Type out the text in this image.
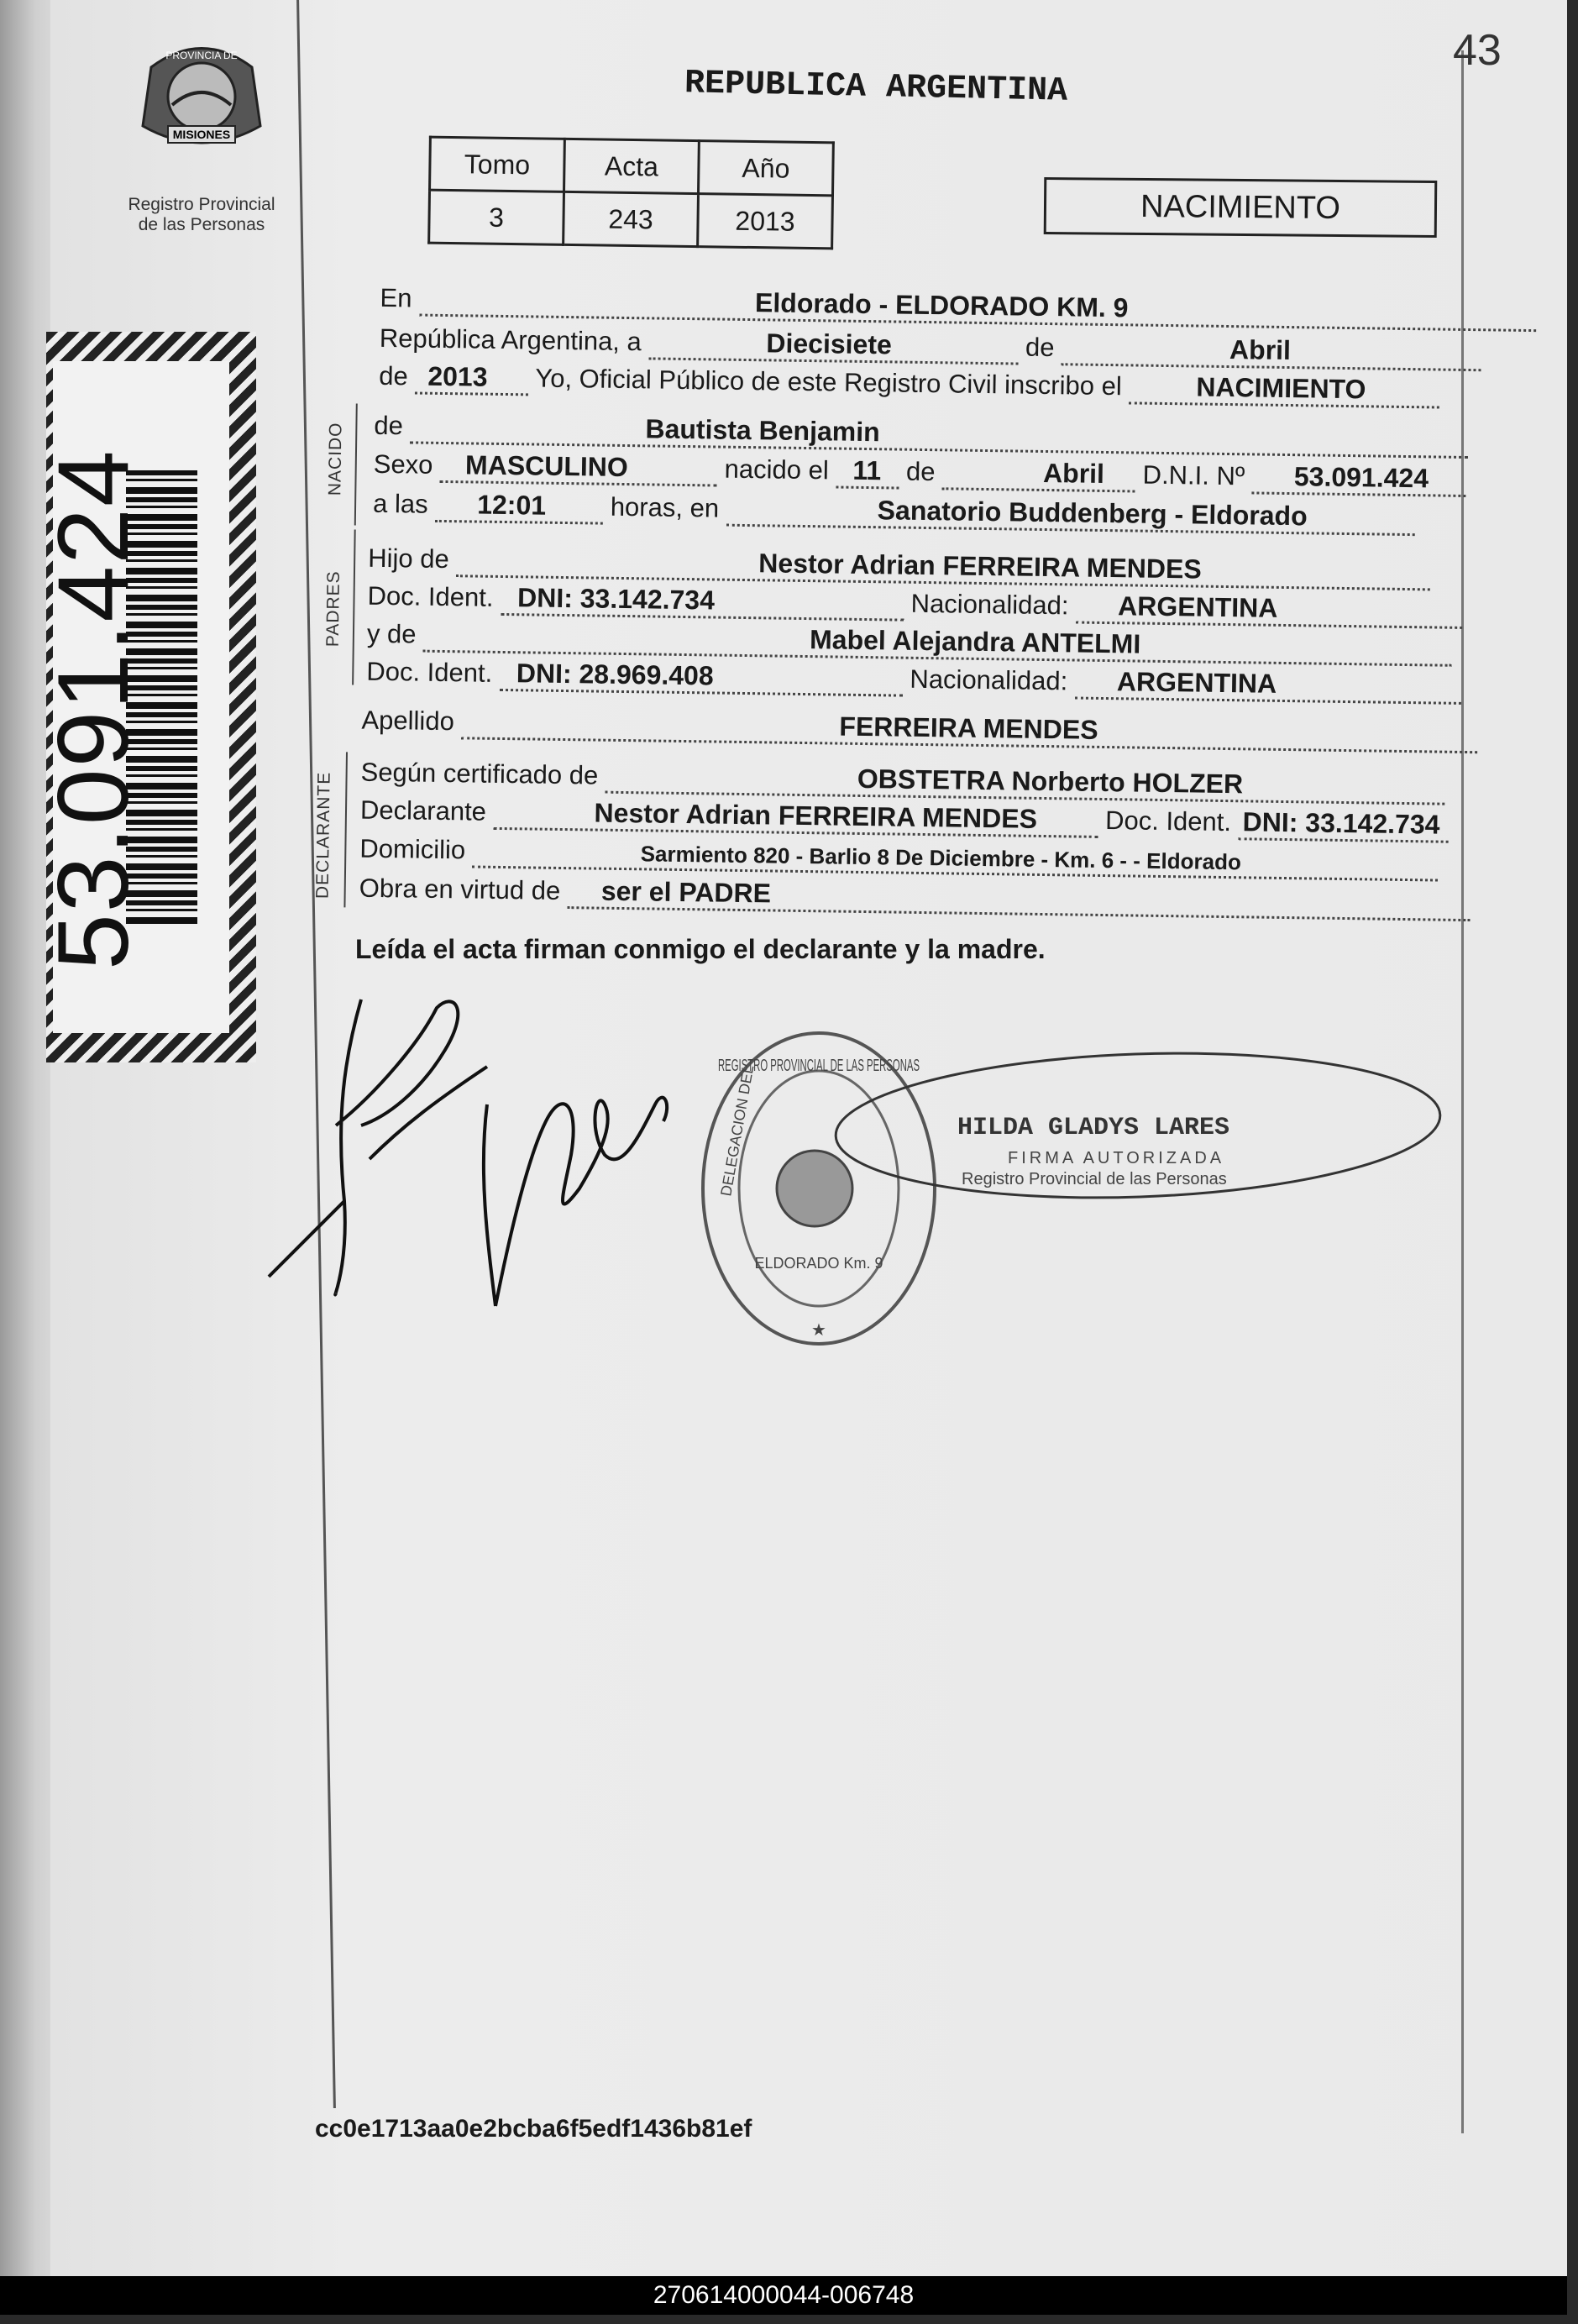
43
MISIONES
PROVINCIA DE
Registro Provincial
de las Personas
53.091.424
REPUBLICA ARGENTINA
Tomo	Acta	Año
3	243	2013	NACIMIENTO
En	Eldorado - ELDORADO KM. 9
República Argentina, a	Diecisiete	de	Abril
de 2013 Yo, Oficial Público de este Registro Civil inscribo el	NACIMIENTO
NACIDO de	Bautista Benjamin
Sexo MASCULINO	nacido el 11 de	Abril D.N.I. Nº 53.091.424
a las 12:01 horas, en	Sanatorio Buddenberg - Eldorado
PADRES
Hijo de	Nestor Adrian FERREIRA MENDES
Doc. Ident. DNI: 33.142.734	Nacionalidad: ARGENTINA
y de	Mabel Alejandra ANTELMI
Doc. Ident. DNI: 28.969.408	Nacionalidad: ARGENTINA
Apellido	FERREIRA MENDES
DECLARANTE Según certificado de	OBSTETRA Norberto HOLZER
Declarante	Nestor Adrian FERREIRA MENDES	Doc. Ident. DNI: 33.142.734
Domicilio	Sarmiento 820 - Barlio 8 De Diciembre - Km. 6 - - Eldorado
Obra en virtud de ser el PADRE
Leída el acta firman conmigo el declarante y la madre.
REGISTRO PROVINCIAL DE LAS PERSONAS
DELEGACION DEL
ELDORADO Km. 9
★
HILDA GLADYS LARES
FIRMA AUTORIZADA
Registro Provincial de las Personas
cc0e1713aa0e2bcba6f5edf1436b81ef
270614000044-006748
